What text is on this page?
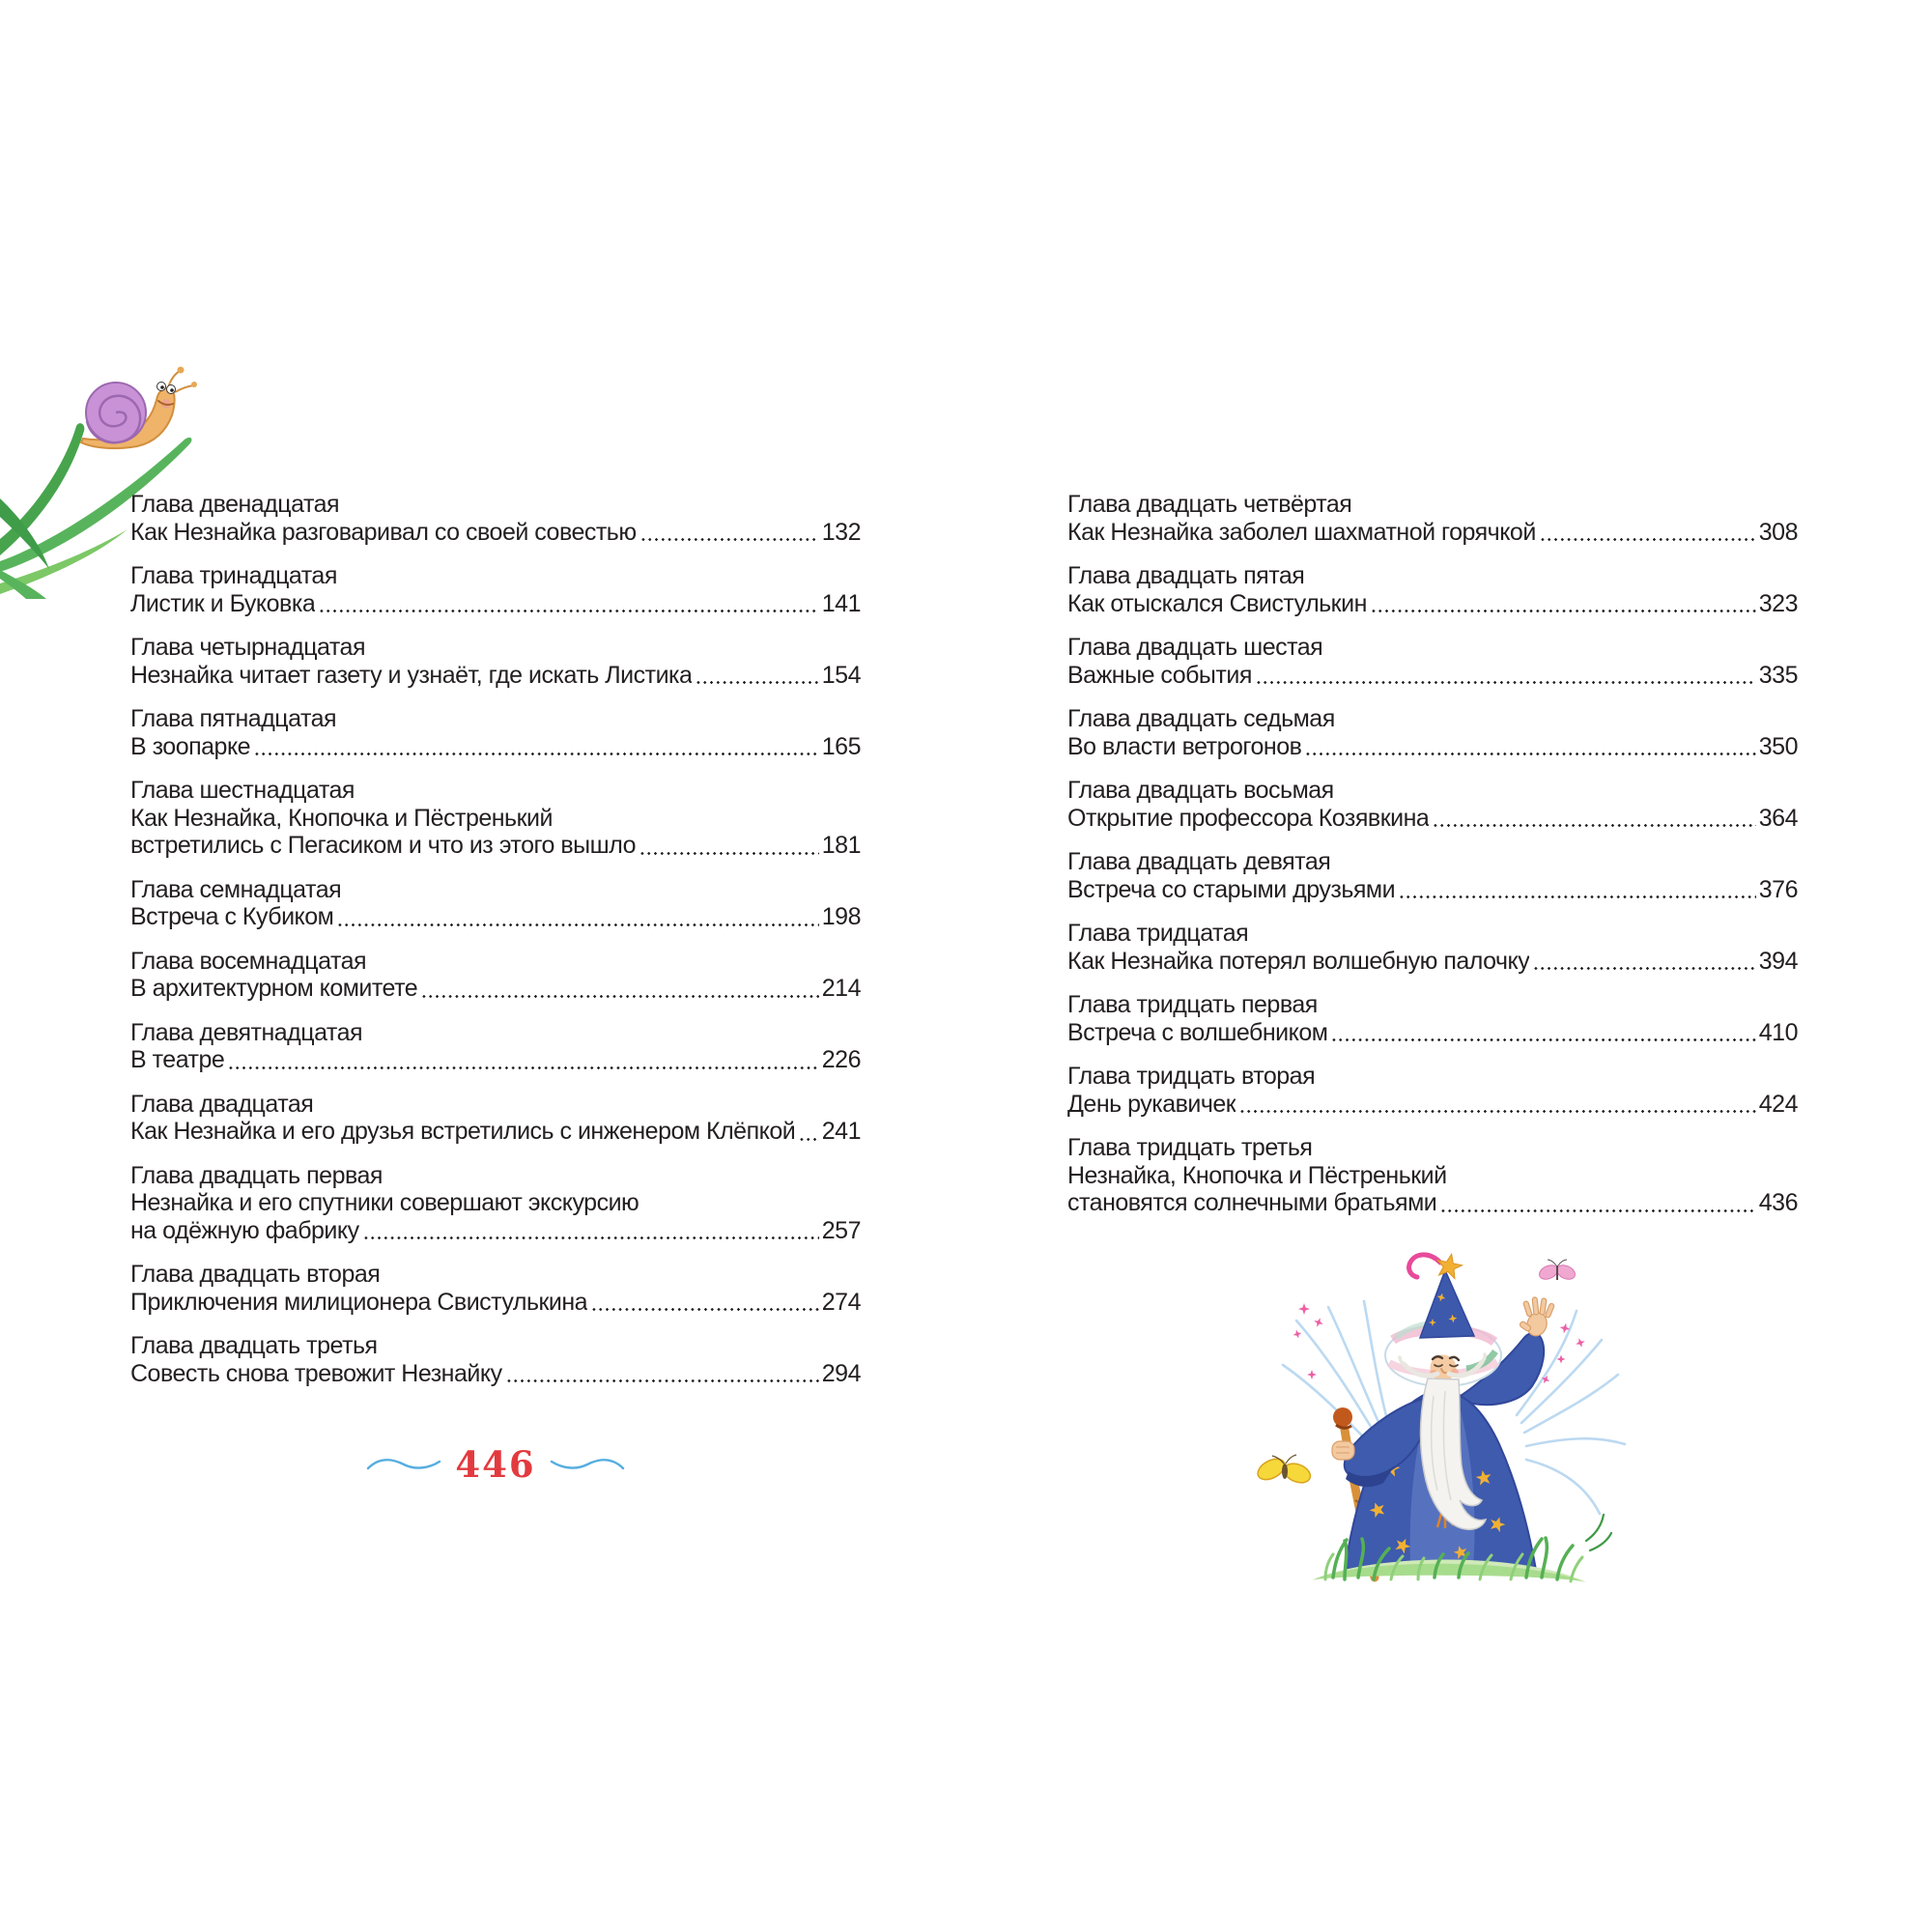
Глава двенадцатая
Как Незнайка разговаривал со своей совестью	132
Глава тринадцатая
Листик и Буковка	141
Глава четырнадцатая
Незнайка читает газету и узнаёт, где искать Листика	154
Глава пятнадцатая
В зоопарке	165
Глава шестнадцатая
Как Незнайка, Кнопочка и Пёстренький
встретились с Пегасиком и что из этого вышло	181
Глава семнадцатая
Встреча с Кубиком	198
Глава восемнадцатая
В архитектурном комитете	214
Глава девятнадцатая
В театре	226
Глава двадцатая
Как Незнайка и его друзья встретились с инженером Клёпкой 241
Глава двадцать первая
Незнайка и его спутники совершают экскурсию
на одёжную фабрику	257
Глава двадцать вторая
Приключения милиционера Свистулькина	274
Глава двадцать третья
Совесть снова тревожит Незнайку	294
Глава двадцать четвёртая
Как Незнайка заболел шахматной горячкой	308
Глава двадцать пятая
Как отыскался Свистулькин	323
Глава двадцать шестая
Важные события	335
Глава двадцать седьмая
Во власти ветрогонов	350
Глава двадцать восьмая
Открытие профессора Козявкина	364
Глава двадцать девятая
Встреча со старыми друзьями	376
Глава тридцатая
Как Незнайка потерял волшебную палочку	394
Глава тридцать первая
Встреча с волшебником	410
Глава тридцать вторая
День рукавичек	424
Глава тридцать третья
Незнайка, Кнопочка и Пёстренький
становятся солнечными братьями	436
446
